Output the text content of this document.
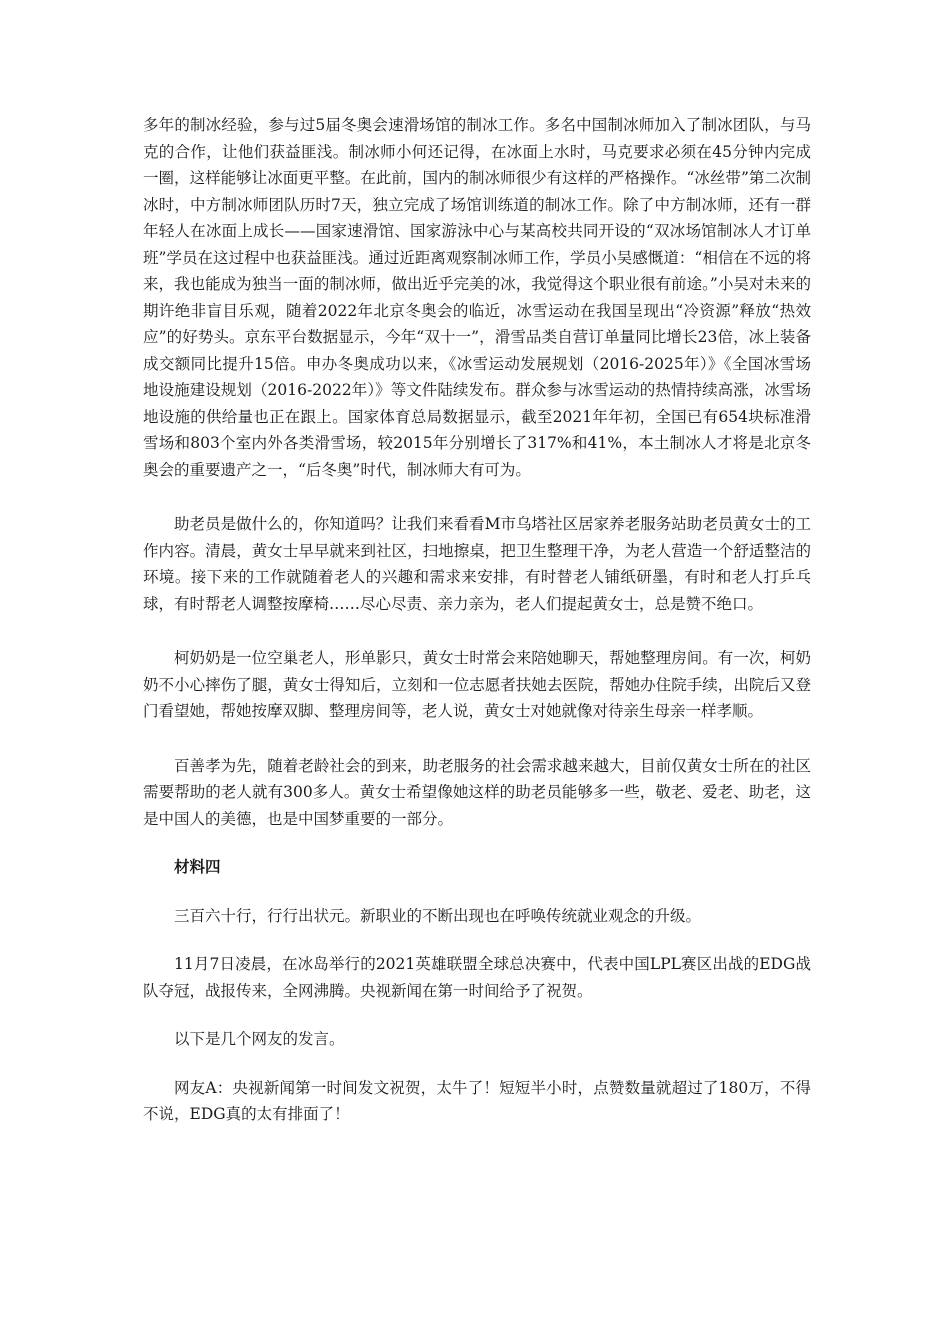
多年的制冰经验，参与过5届冬奥会速滑场馆的制冰工作。多名中国制冰师加入了制冰团队，与马克的合作，让他们获益匪浅。制冰师小何还记得，在冰面上水时，马克要求必须在45分钟内完成一圈，这样能够让冰面更平整。在此前，国内的制冰师很少有这样的严格操作。“冰丝带”第二次制冰时，中方制冰师团队历时7天，独立完成了场馆训练道的制冰工作。除了中方制冰师，还有一群年轻人在冰面上成长——国家速滑馆、国家游泳中心与某高校共同开设的“双冰场馆制冰人才订单班”学员在这过程中也获益匪浅。通过近距离观察制冰师工作，学员小吴感慨道：“相信在不远的将来，我也能成为独当一面的制冰师，做出近乎完美的冰，我觉得这个职业很有前途。”小吴对未来的期许绝非盲目乐观，随着2022年北京冬奥会的临近，冰雪运动在我国呈现出“冷资源”释放“热效应”的好势头。京东平台数据显示，今年“双十一”，滑雪品类自营订单量同比增长23倍，冰上装备成交额同比提升15倍。申办冬奥成功以来，《冰雪运动发展规划（2016-2025年）》《全国冰雪场地设施建设规划（2016-2022年）》等文件陆续发布。群众参与冰雪运动的热情持续高涨，冰雪场地设施的供给量也正在跟上。国家体育总局数据显示，截至2021年年初，全国已有654块标准滑雪场和803个室内外各类滑雪场，较2015年分别增长了317%和41%，本土制冰人才将是北京冬奥会的重要遗产之一，“后冬奥”时代，制冰师大有可为。

助老员是做什么的，你知道吗？让我们来看看M市乌塔社区居家养老服务站助老员黄女士的工作内容。清晨，黄女士早早就来到社区，扫地擦桌，把卫生整理干净，为老人营造一个舒适整洁的环境。接下来的工作就随着老人的兴趣和需求来安排，有时替老人铺纸研墨，有时和老人打乒乓球，有时帮老人调整按摩椅……尽心尽责、亲力亲为，老人们提起黄女士，总是赞不绝口。

柯奶奶是一位空巢老人，形单影只，黄女士时常会来陪她聊天，帮她整理房间。有一次，柯奶奶不小心摔伤了腿，黄女士得知后，立刻和一位志愿者扶她去医院，帮她办住院手续，出院后又登门看望她，帮她按摩双脚、整理房间等，老人说，黄女士对她就像对待亲生母亲一样孝顺。

百善孝为先，随着老龄社会的到来，助老服务的社会需求越来越大，目前仅黄女士所在的社区需要帮助的老人就有300多人。黄女士希望像她这样的助老员能够多一些，敬老、爱老、助老，这是中国人的美德，也是中国梦重要的一部分。

材料四

三百六十行，行行出状元。新职业的不断出现也在呼唤传统就业观念的升级。

11月7日凌晨，在冰岛举行的2021英雄联盟全球总决赛中，代表中国LPL赛区出战的EDG战队夺冠，战报传来，全网沸腾。央视新闻在第一时间给予了祝贺。

以下是几个网友的发言。

网友A：央视新闻第一时间发文祝贺，太牛了！短短半小时，点赞数量就超过了180万，不得不说，EDG真的太有排面了！
